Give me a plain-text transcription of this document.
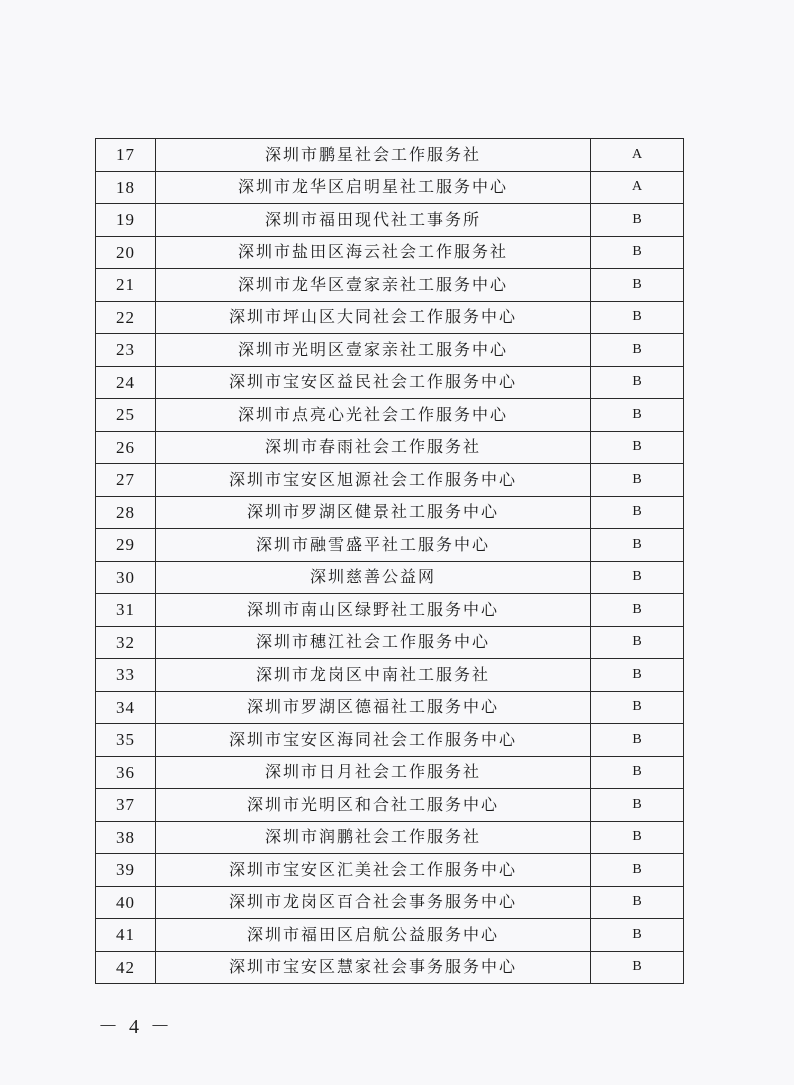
17	深圳市鹏星社会工作服务社	A
18	深圳市龙华区启明星社工服务中心	A
19	深圳市福田现代社工事务所	B
20	深圳市盐田区海云社会工作服务社	B
21	深圳市龙华区壹家亲社工服务中心	B
22	深圳市坪山区大同社会工作服务中心	B
23	深圳市光明区壹家亲社工服务中心	B
24	深圳市宝安区益民社会工作服务中心	B
25	深圳市点亮心光社会工作服务中心	B
26	深圳市春雨社会工作服务社	B
27	深圳市宝安区旭源社会工作服务中心	B
28	深圳市罗湖区健景社工服务中心	B
29	深圳市融雪盛平社工服务中心	B
30	深圳慈善公益网	B
31	深圳市南山区绿野社工服务中心	B
32	深圳市穗江社会工作服务中心	B
33	深圳市龙岗区中南社工服务社	B
34	深圳市罗湖区德福社工服务中心	B
35	深圳市宝安区海同社会工作服务中心	B
36	深圳市日月社会工作服务社	B
37	深圳市光明区和合社工服务中心	B
38	深圳市润鹏社会工作服务社	B
39	深圳市宝安区汇美社会工作服务中心	B
40	深圳市龙岗区百合社会事务服务中心	B
41	深圳市福田区启航公益服务中心	B
42	深圳市宝安区慧家社会事务服务中心	B
－ 4 －
